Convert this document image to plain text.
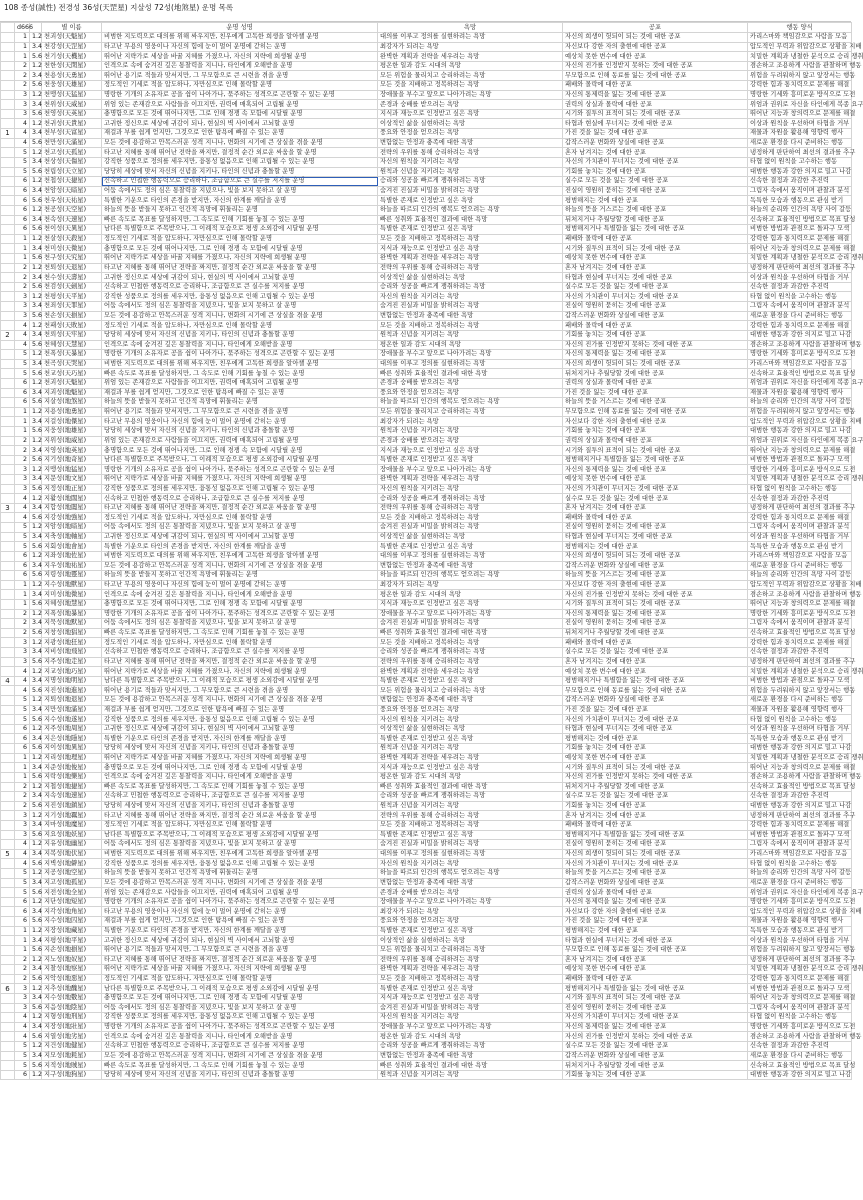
108 종성(誠性) 전경성 36성(天罡星) 지살성 72성(地煞星) 운명 목록
	d666		별 이름	운명 성명	욕망	공포	행동 양식
	1	1.2	천괴성(天魁星)	비범한 지도력으로 대의를 위해 싸우지만, 친우에게 고독한 희생을 알아챌 운명	대의를 이루고 정의를 실현하려는 욕망	자신의 희생이 헛되이 되는 것에 대한 공포	카리스마와 책임감으로 사람을 모음
	1	3.4	천강성(天罡星)	타고난 무용의 영웅이나 자신의 힘에 눈이 멀어 운명에 갇히는 운명	최강자가 되려는 욕망	자신보다 강한 자의 출현에 대한 공포	압도적인 무력과 위압감으로 상황을 지배
	1	5.6	천기성(天機星)	뛰어난 지략가로 세상을 바꿀 지혜를 가졌으나, 자신의 지략에 희생될 운명	완벽한 계획과 전략을 세우려는 욕망	예상치 못한 변수에 대한 공포	치밀한 계획과 냉철한 분석으로 승리 쟁취
	2	1.2	천한성(天閑星)	인격으로 속에 숨겨진 깊은 통찰력을 지니나, 타인에게 오해받을 운명	평온한 일과 감도 시대의 욕망	자신의 진가를 인정받지 못하는 것에 대한 공포	겸손하고 조용하게 사람을 관찰하며 행동
	2	3.4	천용성(天勇星)	뛰어난 용기로 적들과 맞서지만, 그 무모함으로 큰 시련을 겪을 운명	모든 위험을 물리치고 승리하려는 욕망	무모함으로 인해 동료를 잃는 것에 대한 공포	위험을 두려워하지 않고 앞장서는 행동
	2	5.6	천웅성(天雄星)	정도적인 기세로 적을 압도하나, 자만심으로 인해 몰락할 운명	모든 것을 지배하고 정복하려는 욕망	패배와 몰락에 대한 공포	강력한 힘과 통치력으로 문제를 해결
	3	1.2	천맹성(天猛星)	명랑한 기개의 소유자로 공을 쉽이 나아가나, 묶주하는 성격으로 곤란할 수 있는 운명	장애물을 부수고 앞으로 나아가려는 욕망	자신의 통제력을 잃는 것에 대한 공포	명랑한 기세와 흥미로운 방식으로 도전
	3	3.4	천위성(天威星)	위엄 있는 존재감으로 사람들을 이끄지만, 권력에 매혹되어 고립될 운명	존경과 숭배를 받으려는 욕망	권력의 상실과 몰락에 대한 공포	위엄과 권위로 자신을 타인에게 복종 요구
	3	5.6	천영성(天英星)	충명함으로 모든 것에 뛰어나지만, 그로 인해 경쟁 속 모함에 시달릴 운명	지식과 재능으로 인정받고 싶은 욕망	시기와 질투의 표적이 되는 것에 대한 공포	뛰어난 지능과 창의력으로 문제를 해결
	4	1.2	천귀성(天貴星)	고귀한 정신으로 세상에 귀감이 되나, 현실의 벽 사이에서 고뇌할 운명	이상적인 삶을 실현하려는 욕망	타협과 현실에 무너지는 것에 대한 공포	이상과 원칙을 우선하며 타협을 거부
1	4	3.4	천부성(天富星)	재걸과 부를 쉽게 얻지만, 그것으로 인한 탐욕에 빠질 수 있는 운명	풍요와 안정을 얻으려는 욕망	가진 것을 잃는 것에 대한 공포	재물과 자원을 활용해 영향력 행사
	4	5.6	천만성(天滿星)	모든 것에 용감하고 안목스러운 성격 지니나, 변화의 시기에 큰 상실을 겪을 운명	변함없는 안정과 충족에 대한 욕망	갑작스러운 변화와 상실에 대한 공포	새로운 환경을 다시 준비하는 행동
	5	1.2	천고성(天孤星)	타고난 지혜를 통해 뛰어난 전략을 짜지만, 결정적 순간 외로운 싸움을 할 운명	전략의 우위를 통해 승리하려는 욕망	혼자 남겨지는 것에 대한 공포	냉정하게 판단하여 최선의 결과를 추구
	5	3.4	천상성(天傷星)	강직한 성품으로 정의를 세우지만, 융통성 없음으로 인해 고립될 수 있는 운명	자신의 원칙을 지키려는 욕망	자신의 가치관이 무너지는 것에 대한 공포	타협 없이 원칙을 고수하는 행동
	5	5.6	천립성(天立星)	당당히 세상에 맞서 자신의 신념을 지키나, 타인의 신념과 충돌할 운명	원칙과 신념을 지키려는 욕망	기회를 놓치는 것에 대한 공포	대범한 행동과 강한 의지로 밀고 나감
	6	1.2	천첩성(天捷星)	신속하고 민첩한 행동력으로 승리하나, 조급함으로 큰 실수를 저지를 운명	승리와 성공을 빠르게 쟁취하려는 욕망	실수로 모든 것을 잃는 것에 대한 공포	신속한 결정과 과감한 추진력
	6	3.4	천암성(天暗星)	어둠 속에서도 정의 심은 통찰력을 지녔으나, 빛을 보지 못하고 살 운명	숨겨진 진실과 비밀을 밝히려는 욕망	진실이 영원히 묻히는 것에 대한 공포	그림자 속에서 움직이며 관찰과 분석
	6	5.6	천우성(天祐星)	특별한 기운으로 타인의 존경을 받지만, 자신의 한계를 깨달을 운명	특별한 존재로 인정받고 싶은 욕망	평범해지는 것에 대한 공포	독특한 모습과 행동으로 관심 받기
	6	1.2	천공성(天空星)	하늘의 뜻을 받들지 못하고 인간적 욕망에 휘둘리는 운명	하늘을 따르되 인간의 행복도 얻으려는 욕망	하늘의 뜻을 거스르는 것에 대한 공포	하늘의 순리와 인간의 욕망 사이 갈등
	6	3.4	천속성(天速星)	빠른 속도로 목표를 달성하지만, 그 속도로 인해 기회를 놓칠 수 있는 운명	빠른 성취와 효율적인 결과에 대한 욕망	뒤처지거나 추월당할 것에 대한 공포	신속하고 효율적인 방법으로 목표 달성
	6	5.6	천이성(天異星)	남다른 특별함으로 주목받으나, 그 이례적 모습으로 평생 소외감에 시달릴 운명	특별한 존재로 인정받고 싶은 욕망	평범해지거나 특별함을 잃는 것에 대한 공포	비범한 방법과 관점으로 돌파구 모색
	1	1.2	천살성(天殺星)	정도적인 기세로 적을 압도하나, 자만심으로 인해 몰락할 운명	모든 것을 지배하고 정복하려는 욕망	패배와 몰락에 대한 공포	강력한 힘과 통치력으로 문제를 해결
	1	3.4	천미성(天微星)	충명함으로 모든 것에 뛰어나지만, 그로 인해 경쟁 속 모함에 시달릴 운명	지식과 재능으로 인정받고 싶은 욕망	시기와 질투의 표적이 되는 것에 대한 공포	뛰어난 지능과 창의력으로 문제를 해결
	1	5.6	천구성(天究星)	뛰어난 지략가로 세상을 바꿀 지혜를 가졌으나, 자신의 지략에 희생될 운명	완벽한 계획과 전략을 세우려는 욕망	예상치 못한 변수에 대한 공포	치밀한 계획과 냉철한 분석으로 승리 쟁취
	2	1.2	천퇴성(天退星)	타고난 지혜를 통해 뛰어난 전략을 짜지만, 결정적 순간 외로운 싸움을 할 운명	전략의 우위를 통해 승리하려는 욕망	혼자 남겨지는 것에 대한 공포	냉정하게 판단하여 최선의 결과를 추구
	2	3.4	천수성(天壽星)	고귀한 정신으로 세상에 귀감이 되나, 현실의 벽 사이에서 고뇌할 운명	이상적인 삶을 실현하려는 욕망	타협과 현실에 무너지는 것에 대한 공포	이상과 원칙을 우선하며 타협을 거부
	2	5.6	천검성(天劍星)	신속하고 민첩한 행동력으로 승리하나, 조급함으로 큰 실수를 저지를 운명	승리와 성공을 빠르게 쟁취하려는 욕망	실수로 모든 것을 잃는 것에 대한 공포	신속한 결정과 과감한 추진력
	3	1.2	천평성(天平星)	강직한 성품으로 정의를 세우지만, 융통성 없음으로 인해 고립될 수 있는 운명	자신의 원칙을 지키려는 욕망	자신의 가치관이 무너지는 것에 대한 공포	타협 없이 원칙을 고수하는 행동
	3	3.4	천죄성(天罪星)	어둠 속에서도 정의 심은 통찰력을 지녔으나, 빛을 보지 못하고 살 운명	숨겨진 진실과 비밀을 밝히려는 욕망	진실이 영원히 묻히는 것에 대한 공포	그림자 속에서 움직이며 관찰과 분석
	3	5.6	천손성(天損星)	모든 것에 용감하고 안목스러운 성격 지니나, 변화의 시기에 큰 상실을 겪을 운명	변함없는 안정과 충족에 대한 욕망	갑작스러운 변화와 상실에 대한 공포	새로운 환경을 다시 준비하는 행동
	4	1.2	천패성(天敗星)	정도적인 기세로 적을 압도하나, 자만심으로 인해 몰락할 운명	모든 것을 지배하고 정복하려는 욕망	패배와 몰락에 대한 공포	강력한 힘과 통치력으로 문제를 해결
2	4	3.4	천뢰성(天牢星)	당당히 세상에 맞서 자신의 신념을 지키나, 타인의 신념과 충돌할 운명	원칙과 신념을 지키려는 욕망	기회를 놓치는 것에 대한 공포	대범한 행동과 강한 의지로 밀고 나감
	4	5.6	천혜성(天慧星)	인격으로 속에 숨겨진 깊은 통찰력을 지니나, 타인에게 오해받을 운명	평온한 일과 감도 시대의 욕망	자신의 진가를 인정받지 못하는 것에 대한 공포	겸손하고 조용하게 사람을 관찰하며 행동
	5	1.2	천폭성(天暴星)	명랑한 기개의 소유자로 공을 쉽이 나아가나, 묶주하는 성격으로 곤란할 수 있는 운명	장애물을 부수고 앞으로 나아가려는 욕망	자신의 통제력을 잃는 것에 대한 공포	명랑한 기세와 흥미로운 방식으로 도전
	5	3.4	천곡성(天哭星)	비범한 지도력으로 대의를 위해 싸우지만, 친우에게 고독한 희생을 알아챌 운명	대의를 이루고 정의를 실현하려는 욕망	자신의 희생이 헛되이 되는 것에 대한 공포	카리스마와 책임감으로 사람을 모음
	5	5.6	천교성(天巧星)	빠른 속도로 목표를 달성하지만, 그 속도로 인해 기회를 놓칠 수 있는 운명	빠른 성취와 효율적인 결과에 대한 욕망	뒤처지거나 추월당할 것에 대한 공포	신속하고 효율적인 방법으로 목표 달성
	6	1.2	천괴성(天魁星)	위엄 있는 존재감으로 사람들을 이끄지만, 권력에 매혹되어 고립될 운명	존경과 숭배를 받으려는 욕망	권력의 상실과 몰락에 대한 공포	위엄과 권위로 자신을 타인에게 복종 요구
	6	3.4	지괴성(地魁星)	재걸과 부를 쉽게 얻지만, 그것으로 인한 탐욕에 빠질 수 있는 운명	풍요와 안정을 얻으려는 욕망	가진 것을 잃는 것에 대한 공포	재물과 자원을 활용해 영향력 행사
	6	5.6	지살성(地煞星)	하늘의 뜻을 받들지 못하고 인간적 욕망에 휘둘리는 운명	하늘을 따르되 인간의 행복도 얻으려는 욕망	하늘의 뜻을 거스르는 것에 대한 공포	하늘의 순리와 인간의 욕망 사이 갈등
	1	1.2	지용성(地勇星)	뛰어난 용기로 적들과 맞서지만, 그 무모함으로 큰 시련을 겪을 운명	모든 위험을 물리치고 승리하려는 욕망	무모함으로 인해 동료를 잃는 것에 대한 공포	위험을 두려워하지 않고 앞장서는 행동
	1	3.4	지걸성(地傑星)	타고난 무용의 영웅이나 자신의 힘에 눈이 멀어 운명에 갇히는 운명	최강자가 되려는 욕망	자신보다 강한 자의 출현에 대한 공포	압도적인 무력과 위압감으로 상황을 지배
	1	5.6	지웅성(地雄星)	당당히 세상에 맞서 자신의 신념을 지키나, 타인의 신념과 충돌할 운명	원칙과 신념을 지키려는 욕망	기회를 놓치는 것에 대한 공포	대범한 행동과 강한 의지로 밀고 나감
	2	1.2	지위성(地威星)	위엄 있는 존재감으로 사람들을 이끄지만, 권력에 매혹되어 고립될 운명	존경과 숭배를 받으려는 욕망	권력의 상실과 몰락에 대한 공포	위엄과 권위로 자신을 타인에게 복종 요구
	2	3.4	지영성(地英星)	충명함으로 모든 것에 뛰어나지만, 그로 인해 경쟁 속 모함에 시달릴 운명	지식과 재능으로 인정받고 싶은 욕망	시기와 질투의 표적이 되는 것에 대한 공포	뛰어난 지능과 창의력으로 문제를 해결
	2	5.6	지기성(地奇星)	남다른 특별함으로 주목받으나, 그 이례적 모습으로 평생 소외감에 시달릴 운명	특별한 존재로 인정받고 싶은 욕망	평범해지거나 특별함을 잃는 것에 대한 공포	비범한 방법과 관점으로 돌파구 모색
	3	1.2	지맹성(地猛星)	명랑한 기개의 소유자로 공을 쉽이 나아가나, 묶주하는 성격으로 곤란할 수 있는 운명	장애물을 부수고 앞으로 나아가려는 욕망	자신의 통제력을 잃는 것에 대한 공포	명랑한 기세와 흥미로운 방식으로 도전
	3	3.4	지문성(地文星)	뛰어난 지략가로 세상을 바꿀 지혜를 가졌으나, 자신의 지략에 희생될 운명	완벽한 계획과 전략을 세우려는 욕망	예상치 못한 변수에 대한 공포	치밀한 계획과 냉철한 분석으로 승리 쟁취
	3	5.6	지정성(地正星)	강직한 성품으로 정의를 세우지만, 융통성 없음으로 인해 고립될 수 있는 운명	자신의 원칙을 지키려는 욕망	자신의 가치관이 무너지는 것에 대한 공포	타협 없이 원칙을 고수하는 행동
	4	1.2	지활성(地闊星)	신속하고 민첩한 행동력으로 승리하나, 조급함으로 큰 실수를 저지를 운명	승리와 성공을 빠르게 쟁취하려는 욕망	실수로 모든 것을 잃는 것에 대한 공포	신속한 결정과 과감한 추진력
3	4	3.4	지합성(地闔星)	타고난 지혜를 통해 뛰어난 전략을 짜지만, 결정적 순간 외로운 싸움을 할 운명	전략의 우위를 통해 승리하려는 욕망	혼자 남겨지는 것에 대한 공포	냉정하게 판단하여 최선의 결과를 추구
	4	5.6	지강성(地強星)	정도적인 기세로 적을 압도하나, 자만심으로 인해 몰락할 운명	모든 것을 지배하고 정복하려는 욕망	패배와 몰락에 대한 공포	강력한 힘과 통치력으로 문제를 해결
	5	1.2	지암성(地暗星)	어둠 속에서도 정의 심은 통찰력을 지녔으나, 빛을 보지 못하고 살 운명	숨겨진 진실과 비밀을 밝히려는 욕망	진실이 영원히 묻히는 것에 대한 공포	그림자 속에서 움직이며 관찰과 분석
	5	3.4	지축성(地軸星)	고귀한 정신으로 세상에 귀감이 되나, 현실의 벽 사이에서 고뇌할 운명	이상적인 삶을 실현하려는 욕망	타협과 현실에 무너지는 것에 대한 공포	이상과 원칙을 우선하며 타협을 거부
	5	5.6	지회성(地會星)	특별한 기운으로 타인의 존경을 받지만, 자신의 한계를 깨달을 운명	특별한 존재로 인정받고 싶은 욕망	평범해지는 것에 대한 공포	독특한 모습과 행동으로 관심 받기
	6	1.2	지좌성(地佐星)	비범한 지도력으로 대의를 위해 싸우지만, 친우에게 고독한 희생을 알아챌 운명	대의를 이루고 정의를 실현하려는 욕망	자신의 희생이 헛되이 되는 것에 대한 공포	카리스마와 책임감으로 사람을 모음
	6	3.4	지우성(地祐星)	모든 것에 용감하고 안목스러운 성격 지니나, 변화의 시기에 큰 상실을 겪을 운명	변함없는 안정과 충족에 대한 욕망	갑작스러운 변화와 상실에 대한 공포	새로운 환경을 다시 준비하는 행동
	6	5.6	지령성(地靈星)	하늘의 뜻을 받들지 못하고 인간적 욕망에 휘둘리는 운명	하늘을 따르되 인간의 행복도 얻으려는 욕망	하늘의 뜻을 거스르는 것에 대한 공포	하늘의 순리와 인간의 욕망 사이 갈등
	1	1.2	지수성(地獸星)	타고난 무용의 영웅이나 자신의 힘에 눈이 멀어 운명에 갇히는 운명	최강자가 되려는 욕망	자신보다 강한 자의 출현에 대한 공포	압도적인 무력과 위압감으로 상황을 지배
	1	3.4	지미성(地微星)	인격으로 속에 숨겨진 깊은 통찰력을 지니나, 타인에게 오해받을 운명	평온한 일과 감도 시대의 욕망	자신의 진가를 인정받지 못하는 것에 대한 공포	겸손하고 조용하게 사람을 관찰하며 행동
	1	5.6	지혜성(地慧星)	충명함으로 모든 것에 뛰어나지만, 그로 인해 경쟁 속 모함에 시달릴 운명	지식과 재능으로 인정받고 싶은 욕망	시기와 질투의 표적이 되는 것에 대한 공포	뛰어난 지능과 창의력으로 문제를 해결
	2	1.2	지폭성(地暴星)	명랑한 기개의 소유자로 공을 쉽이 나아가나, 묶주하는 성격으로 곤란할 수 있는 운명	장애물을 부수고 앞으로 나아가려는 욕망	자신의 통제력을 잃는 것에 대한 공포	명랑한 기세와 흥미로운 방식으로 도전
	2	3.4	지묵성(地默星)	어둠 속에서도 정의 심은 통찰력을 지녔으나, 빛을 보지 못하고 살 운명	숨겨진 진실과 비밀을 밝히려는 욕망	진실이 영원히 묻히는 것에 대한 공포	그림자 속에서 움직이며 관찰과 분석
	2	5.6	지창성(地猖星)	빠른 속도로 목표를 달성하지만, 그 속도로 인해 기회를 놓칠 수 있는 운명	빠른 성취와 효율적인 결과에 대한 욕망	뒤처지거나 추월당할 것에 대한 공포	신속하고 효율적인 방법으로 목표 달성
	3	1.2	지광성(地狂星)	정도적인 기세로 적을 압도하나, 자만심으로 인해 몰락할 운명	모든 것을 지배하고 정복하려는 욕망	패배와 몰락에 대한 공포	강력한 힘과 통치력으로 문제를 해결
	3	3.4	지비성(地飛星)	신속하고 민첩한 행동력으로 승리하나, 조급함으로 큰 실수를 저지를 운명	승리와 성공을 빠르게 쟁취하려는 욕망	실수로 모든 것을 잃는 것에 대한 공포	신속한 결정과 과감한 추진력
	3	5.6	지주성(地走星)	타고난 지혜를 통해 뛰어난 전략을 짜지만, 결정적 순간 외로운 싸움을 할 운명	전략의 우위를 통해 승리하려는 욕망	혼자 남겨지는 것에 대한 공포	냉정하게 판단하여 최선의 결과를 추구
	4	1.2	지교성(地巧星)	뛰어난 지략가로 세상을 바꿀 지혜를 가졌으나, 자신의 지략에 희생될 운명	완벽한 계획과 전략을 세우려는 욕망	예상치 못한 변수에 대한 공포	치밀한 계획과 냉철한 분석으로 승리 쟁취
4	4	3.4	지명성(地明星)	남다른 특별함으로 주목받으나, 그 이례적 모습으로 평생 소외감에 시달릴 운명	특별한 존재로 인정받고 싶은 욕망	평범해지거나 특별함을 잃는 것에 대한 공포	비범한 방법과 관점으로 돌파구 모색
	4	5.6	지진성(地進星)	뛰어난 용기로 적들과 맞서지만, 그 무모함으로 큰 시련을 겪을 운명	모든 위험을 물리치고 승리하려는 욕망	무모함으로 인해 동료를 잃는 것에 대한 공포	위험을 두려워하지 않고 앞장서는 행동
	5	1.2	지퇴성(地退星)	모든 것에 용감하고 안목스러운 성격 지니나, 변화의 시기에 큰 상실을 겪을 운명	변함없는 안정과 충족에 대한 욕망	갑작스러운 변화와 상실에 대한 공포	새로운 환경을 다시 준비하는 행동
	5	3.4	지만성(地滿星)	재걸과 부를 쉽게 얻지만, 그것으로 인한 탐욕에 빠질 수 있는 운명	풍요와 안정을 얻으려는 욕망	가진 것을 잃는 것에 대한 공포	재물과 자원을 활용해 영향력 행사
	5	5.6	지수성(地遂星)	강직한 성품으로 정의를 세우지만, 융통성 없음으로 인해 고립될 수 있는 운명	자신의 원칙을 지키려는 욕망	자신의 가치관이 무너지는 것에 대한 공포	타협 없이 원칙을 고수하는 행동
	6	1.2	지주성(地周星)	고귀한 정신으로 세상에 귀감이 되나, 현실의 벽 사이에서 고뇌할 운명	이상적인 삶을 실현하려는 욕망	타협과 현실에 무너지는 것에 대한 공포	이상과 원칙을 우선하며 타협을 거부
	6	3.4	지은성(地隱星)	특별한 기운으로 타인의 존경을 받지만, 자신의 한계를 깨달을 운명	특별한 존재로 인정받고 싶은 욕망	평범해지는 것에 대한 공포	독특한 모습과 행동으로 관심 받기
	6	5.6	지이성(地異星)	당당히 세상에 맞서 자신의 신념을 지키나, 타인의 신념과 충돌할 운명	원칙과 신념을 지키려는 욕망	기회를 놓치는 것에 대한 공포	대범한 행동과 강한 의지로 밀고 나감
	1	1.2	지리성(地理星)	뛰어난 지략가로 세상을 바꿀 지혜를 가졌으나, 자신의 지략에 희생될 운명	완벽한 계획과 전략을 세우려는 욕망	예상치 못한 변수에 대한 공포	치밀한 계획과 냉철한 분석으로 승리 쟁취
	1	3.4	지준성(地俊星)	충명함으로 모든 것에 뛰어나지만, 그로 인해 경쟁 속 모함에 시달릴 운명	지식과 재능으로 인정받고 싶은 욕망	시기와 질투의 표적이 되는 것에 대한 공포	뛰어난 지능과 창의력으로 문제를 해결
	1	5.6	지락성(地樂星)	인격으로 속에 숨겨진 깊은 통찰력을 지니나, 타인에게 오해받을 운명	평온한 일과 감도 시대의 욕망	자신의 진가를 인정받지 못하는 것에 대한 공포	겸손하고 조용하게 사람을 관찰하며 행동
	2	1.2	지첩성(地捷星)	빠른 속도로 목표를 달성하지만, 그 속도로 인해 기회를 놓칠 수 있는 운명	빠른 성취와 효율적인 결과에 대한 욕망	뒤처지거나 추월당할 것에 대한 공포	신속하고 효율적인 방법으로 목표 달성
	2	3.4	지속성(地速星)	신속하고 민첩한 행동력으로 승리하나, 조급함으로 큰 실수를 저지를 운명	승리와 성공을 빠르게 쟁취하려는 욕망	실수로 모든 것을 잃는 것에 대한 공포	신속한 결정과 과감한 추진력
	2	5.6	지진성(地鎮星)	당당히 세상에 맞서 자신의 신념을 지키나, 타인의 신념과 충돌할 운명	원칙과 신념을 지키려는 욕망	기회를 놓치는 것에 대한 공포	대범한 행동과 강한 의지로 밀고 나감
	3	1.2	지기성(地羈星)	타고난 지혜를 통해 뛰어난 전략을 짜지만, 결정적 순간 외로운 싸움을 할 운명	전략의 우위를 통해 승리하려는 욕망	혼자 남겨지는 것에 대한 공포	냉정하게 판단하여 최선의 결과를 추구
	3	3.4	지마성(地魔星)	정도적인 기세로 적을 압도하나, 자만심으로 인해 몰락할 운명	모든 것을 지배하고 정복하려는 욕망	패배와 몰락에 대한 공포	강력한 힘과 통치력으로 문제를 해결
	3	5.6	지요성(地妖星)	남다른 특별함으로 주목받으나, 그 이례적 모습으로 평생 소외감에 시달릴 운명	특별한 존재로 인정받고 싶은 욕망	평범해지거나 특별함을 잃는 것에 대한 공포	비범한 방법과 관점으로 돌파구 모색
	4	1.2	지유성(地幽星)	어둠 속에서도 정의 심은 통찰력을 지녔으나, 빛을 보지 못하고 살 운명	숨겨진 진실과 비밀을 밝히려는 욕망	진실이 영원히 묻히는 것에 대한 공포	그림자 속에서 움직이며 관찰과 분석
5	4	3.4	지복성(地伏星)	비범한 지도력으로 대의를 위해 싸우지만, 친우에게 고독한 희생을 알아챌 운명	대의를 이루고 정의를 실현하려는 욕망	자신의 희생이 헛되이 되는 것에 대한 공포	카리스마와 책임감으로 사람을 모음
	4	5.6	지벽성(地僻星)	강직한 성품으로 정의를 세우지만, 융통성 없음으로 인해 고립될 수 있는 운명	자신의 원칙을 지키려는 욕망	자신의 가치관이 무너지는 것에 대한 공포	타협 없이 원칙을 고수하는 행동
	5	1.2	지공성(地空星)	하늘의 뜻을 받들지 못하고 인간적 욕망에 휘둘리는 운명	하늘을 따르되 인간의 행복도 얻으려는 욕망	하늘의 뜻을 거스르는 것에 대한 공포	하늘의 순리와 인간의 욕망 사이 갈등
	5	3.4	지고성(地孤星)	모든 것에 용감하고 안목스러운 성격 지니나, 변화의 시기에 큰 상실을 겪을 운명	변함없는 안정과 충족에 대한 욕망	갑작스러운 변화와 상실에 대한 공포	새로운 환경을 다시 준비하는 행동
	5	5.6	지전성(地全星)	위엄 있는 존재감으로 사람들을 이끄지만, 권력에 매혹되어 고립될 운명	존경과 숭배를 받으려는 욕망	권력의 상실과 몰락에 대한 공포	위엄과 권위로 자신을 타인에게 복종 요구
	6	1.2	지단성(地短星)	명랑한 기개의 소유자로 공을 쉽이 나아가나, 묶주하는 성격으로 곤란할 수 있는 운명	장애물을 부수고 앞으로 나아가려는 욕망	자신의 통제력을 잃는 것에 대한 공포	명랑한 기세와 흥미로운 방식으로 도전
	6	3.4	지각성(地角星)	타고난 무용의 영웅이나 자신의 힘에 눈이 멀어 운명에 갇히는 운명	최강자가 되려는 욕망	자신보다 강한 자의 출현에 대한 공포	압도적인 무력과 위압감으로 상황을 지배
	6	5.6	지수성(地囚星)	재걸과 부를 쉽게 얻지만, 그것으로 인한 탐욕에 빠질 수 있는 운명	풍요와 안정을 얻으려는 욕망	가진 것을 잃는 것에 대한 공포	재물과 자원을 활용해 영향력 행사
	1	1.2	지장성(地藏星)	특별한 기운으로 타인의 존경을 받지만, 자신의 한계를 깨달을 운명	특별한 존재로 인정받고 싶은 욕망	평범해지는 것에 대한 공포	독특한 모습과 행동으로 관심 받기
	1	3.4	지평성(地平星)	고귀한 정신으로 세상에 귀감이 되나, 현실의 벽 사이에서 고뇌할 운명	이상적인 삶을 실현하려는 욕망	타협과 현실에 무너지는 것에 대한 공포	이상과 원칙을 우선하며 타협을 거부
	1	5.6	지손성(地損星)	뛰어난 용기로 적들과 맞서지만, 그 무모함으로 큰 시련을 겪을 운명	모든 위험을 물리치고 승리하려는 욕망	무모함으로 인해 동료를 잃는 것에 대한 공포	위험을 두려워하지 않고 앞장서는 행동
	2	1.2	지노성(地奴星)	타고난 지혜를 통해 뛰어난 전략을 짜지만, 결정적 순간 외로운 싸움을 할 운명	전략의 우위를 통해 승리하려는 욕망	혼자 남겨지는 것에 대한 공포	냉정하게 판단하여 최선의 결과를 추구
	2	3.4	지찰성(地察星)	뛰어난 지략가로 세상을 바꿀 지혜를 가졌으나, 자신의 지략에 희생될 운명	완벽한 계획과 전략을 세우려는 욕망	예상치 못한 변수에 대한 공포	치밀한 계획과 냉철한 분석으로 승리 쟁취
	2	5.6	지악성(地惡星)	정도적인 기세로 적을 압도하나, 자만심으로 인해 몰락할 운명	모든 것을 지배하고 정복하려는 욕망	패배와 몰락에 대한 공포	강력한 힘과 통치력으로 문제를 해결
6	3	1.2	지추성(地醜星)	남다른 특별함으로 주목받으나, 그 이례적 모습으로 평생 소외감에 시달릴 운명	특별한 존재로 인정받고 싶은 욕망	평범해지거나 특별함을 잃는 것에 대한 공포	비범한 방법과 관점으로 돌파구 모색
	3	3.4	지수성(地數星)	충명함으로 모든 것에 뛰어나지만, 그로 인해 경쟁 속 모함에 시달릴 운명	지식과 재능으로 인정받고 싶은 욕망	시기와 질투의 표적이 되는 것에 대한 공포	뛰어난 지능과 창의력으로 문제를 해결
	3	5.6	지음성(地陰星)	어둠 속에서도 정의 심은 통찰력을 지녔으나, 빛을 보지 못하고 살 운명	숨겨진 진실과 비밀을 밝히려는 욕망	진실이 영원히 묻히는 것에 대한 공포	그림자 속에서 움직이며 관찰과 분석
	4	1.2	지형성(地刑星)	강직한 성품으로 정의를 세우지만, 융통성 없음으로 인해 고립될 수 있는 운명	자신의 원칙을 지키려는 욕망	자신의 가치관이 무너지는 것에 대한 공포	타협 없이 원칙을 고수하는 행동
	4	3.4	지장성(地壯星)	명랑한 기개의 소유자로 공을 쉽이 나아가나, 묶주하는 성격으로 곤란할 수 있는 운명	장애물을 부수고 앞으로 나아가려는 욕망	자신의 통제력을 잃는 것에 대한 공포	명랑한 기세와 흥미로운 방식으로 도전
	4	5.6	지열성(地劣星)	인격으로 속에 숨겨진 깊은 통찰력을 지니나, 타인에게 오해받을 운명	평온한 일과 감도 시대의 욕망	자신의 진가를 인정받지 못하는 것에 대한 공포	겸손하고 조용하게 사람을 관찰하며 행동
	5	1.2	지건성(地健星)	신속하고 민첩한 행동력으로 승리하나, 조급함으로 큰 실수를 저지를 운명	승리와 성공을 빠르게 쟁취하려는 욕망	실수로 모든 것을 잃는 것에 대한 공포	신속한 결정과 과감한 추진력
	5	3.4	지모성(地耗星)	모든 것에 용감하고 안목스러운 성격 지니나, 변화의 시기에 큰 상실을 겪을 운명	변함없는 안정과 충족에 대한 욕망	갑작스러운 변화와 상실에 대한 공포	새로운 환경을 다시 준비하는 행동
	5	5.6	지적성(地賊星)	빠른 속도로 목표를 달성하지만, 그 속도로 인해 기회를 놓칠 수 있는 운명	빠른 성취와 효율적인 결과에 대한 욕망	뒤처지거나 추월당할 것에 대한 공포	신속하고 효율적인 방법으로 목표 달성
	6	1.2	지구성(地狗星)	당당히 세상에 맞서 자신의 신념을 지키나, 타인의 신념과 충돌할 운명	원칙과 신념을 지키려는 욕망	기회를 놓치는 것에 대한 공포	대범한 행동과 강한 의지로 밀고 나감
